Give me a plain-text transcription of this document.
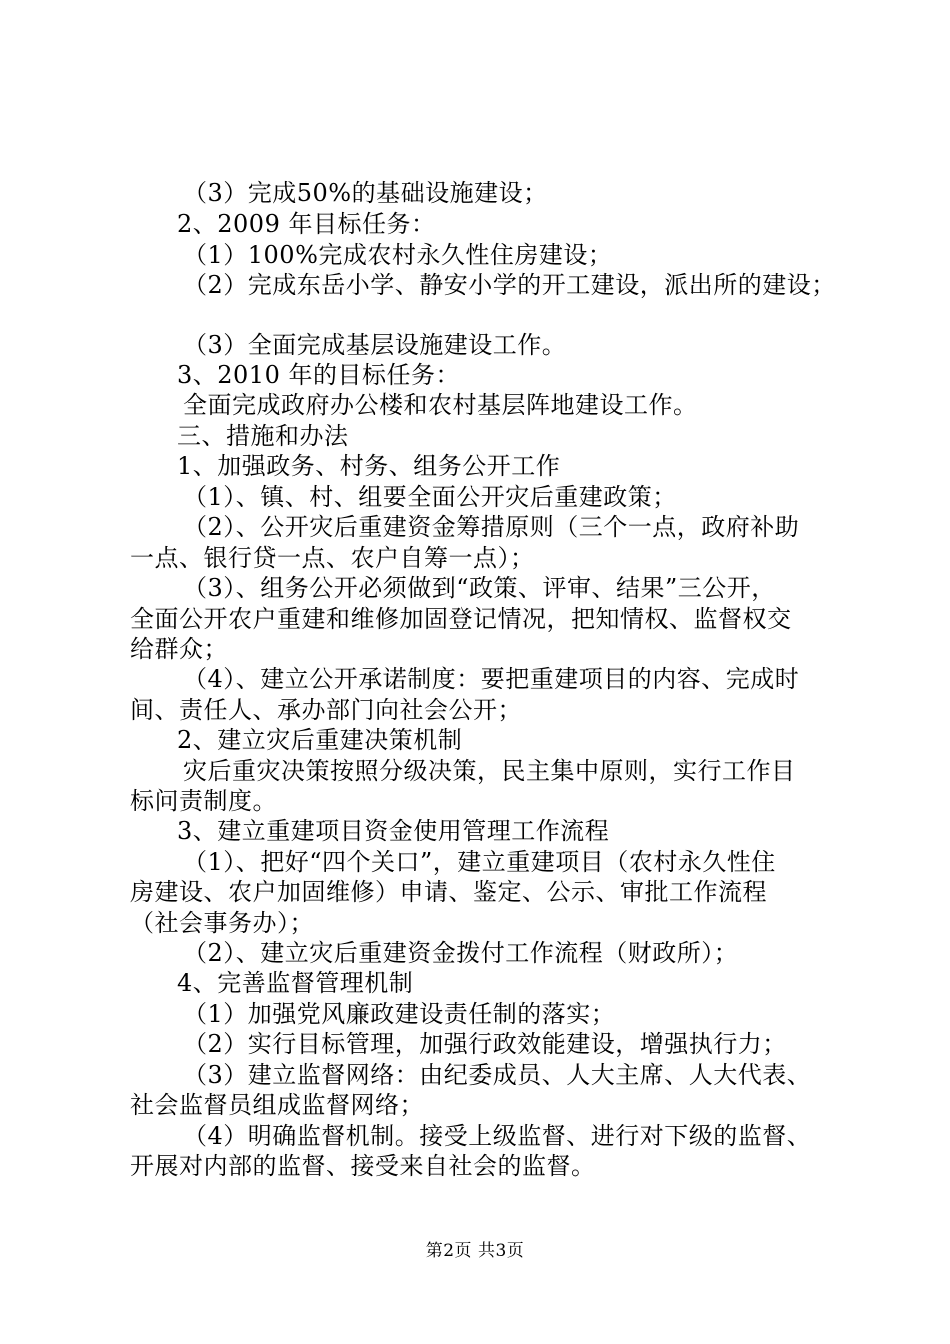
（3）完成50%的基础设施建设；
2、2009 年目标任务：
（1）100%完成农村永久性住房建设；
（2）完成东岳小学、静安小学的开工建设，派出所的建设；
（3）全面完成基层设施建设工作。
3、2010 年的目标任务：
全面完成政府办公楼和农村基层阵地建设工作。
三、措施和办法
1、加强政务、村务、组务公开工作
（1）、镇、村、组要全面公开灾后重建政策；
（2）、公开灾后重建资金筹措原则（三个一点，政府补助
一点、银行贷一点、农户自筹一点）；
（3）、组务公开必须做到“政策、评审、结果”三公开，
全面公开农户重建和维修加固登记情况，把知情权、监督权交
给群众；
（4）、建立公开承诺制度：要把重建项目的内容、完成时
间、责任人、承办部门向社会公开；
2、建立灾后重建决策机制
灾后重灾决策按照分级决策，民主集中原则，实行工作目
标问责制度。
3、建立重建项目资金使用管理工作流程
（1）、把好“四个关口”，建立重建项目（农村永久性住
房建设、农户加固维修）申请、鉴定、公示、审批工作流程
（社会事务办）；
（2）、建立灾后重建资金拨付工作流程（财政所）；
4、完善监督管理机制
（1）加强党风廉政建设责任制的落实；
（2）实行目标管理，加强行政效能建设，增强执行力；
（3）建立监督网络：由纪委成员、人大主席、人大代表、
社会监督员组成监督网络；
（4）明确监督机制。接受上级监督、进行对下级的监督、
开展对内部的监督、接受来自社会的监督。
第2页 共3页
